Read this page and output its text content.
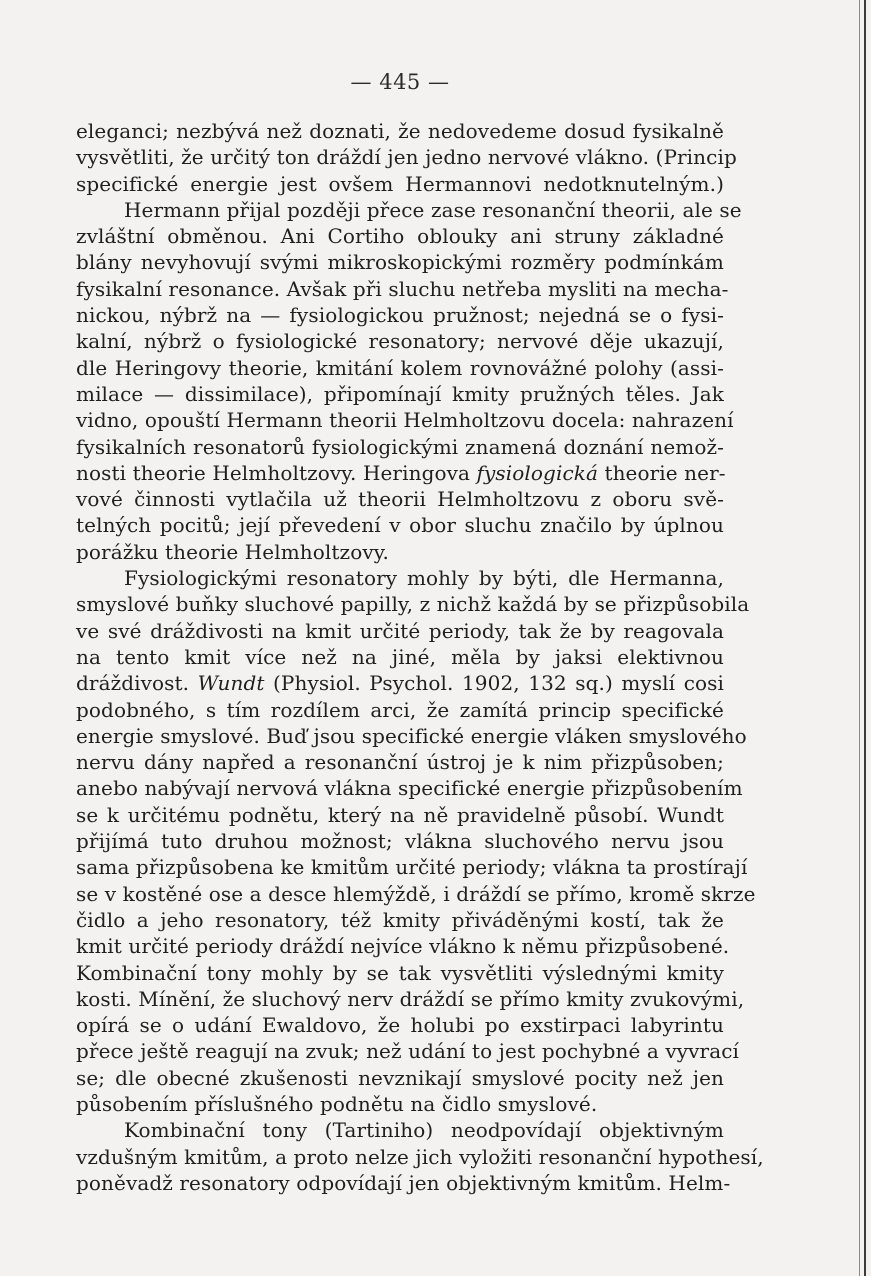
— 445 —
eleganci; nezbývá než doznati, že nedovedeme dosud fysikalně
vysvětliti, že určitý ton dráždí jen jedno nervové vlákno. (Princip
specifické energie jest ovšem Hermannovi nedotknutelným.)
Hermann přijal později přece zase resonanční theorii, ale se
zvláštní obměnou. Ani Cortiho oblouky ani struny základné
blány nevyhovují svými mikroskopickými rozměry podmínkám
fysikalní resonance. Avšak při sluchu netřeba mysliti na mecha-
nickou, nýbrž na — fysiologickou pružnost; nejedná se o fysi-
kalní, nýbrž o fysiologické resonatory; nervové děje ukazují,
dle Heringovy theorie, kmitání kolem rovnovážné polohy (assi-
milace — dissimilace), připomínají kmity pružných těles. Jak
vidno, opouští Hermann theorii Helmholtzovu docela: nahrazení
fysikalních resonatorů fysiologickými znamená doznání nemož-
nosti theorie Helmholtzovy. Heringova fysiologická theorie ner-
vové činnosti vytlačila už theorii Helmholtzovu z oboru svě-
telných pocitů; její převedení v obor sluchu značilo by úplnou
porážku theorie Helmholtzovy.
Fysiologickými resonatory mohly by býti, dle Hermanna,
smyslové buňky sluchové papilly, z nichž každá by se přizpůsobila
ve své dráždivosti na kmit určité periody, tak že by reagovala
na tento kmit více než na jiné, měla by jaksi elektivnou
dráždivost. Wundt (Physiol. Psychol. 1902, 132 sq.) myslí cosi
podobného, s tím rozdílem arci, že zamítá princip specifické
energie smyslové. Buď jsou specifické energie vláken smyslového
nervu dány napřed a resonanční ústroj je k nim přizpůsoben;
anebo nabývají nervová vlákna specifické energie přizpůsobením
se k určitému podnětu, který na ně pravidelně působí. Wundt
přijímá tuto druhou možnost; vlákna sluchového nervu jsou
sama přizpůsobena ke kmitům určité periody; vlákna ta prostírají
se v kostěné ose a desce hlemýždě, i dráždí se přímo, kromě skrze
čidlo a jeho resonatory, též kmity přiváděnými kostí, tak že
kmit určité periody dráždí nejvíce vlákno k němu přizpůsobené.
Kombinační tony mohly by se tak vysvětliti výslednými kmity
kosti. Mínění, že sluchový nerv dráždí se přímo kmity zvukovými,
opírá se o udání Ewaldovo, že holubi po exstirpaci labyrintu
přece ještě reagují na zvuk; než udání to jest pochybné a vyvrací
se; dle obecné zkušenosti nevznikají smyslové pocity než jen
působením příslušného podnětu na čidlo smyslové.
Kombinační tony (Tartiniho) neodpovídají objektivným
vzdušným kmitům, a proto nelze jich vyložiti resonanční hypothesí,
poněvadž resonatory odpovídají jen objektivným kmitům. Helm-
